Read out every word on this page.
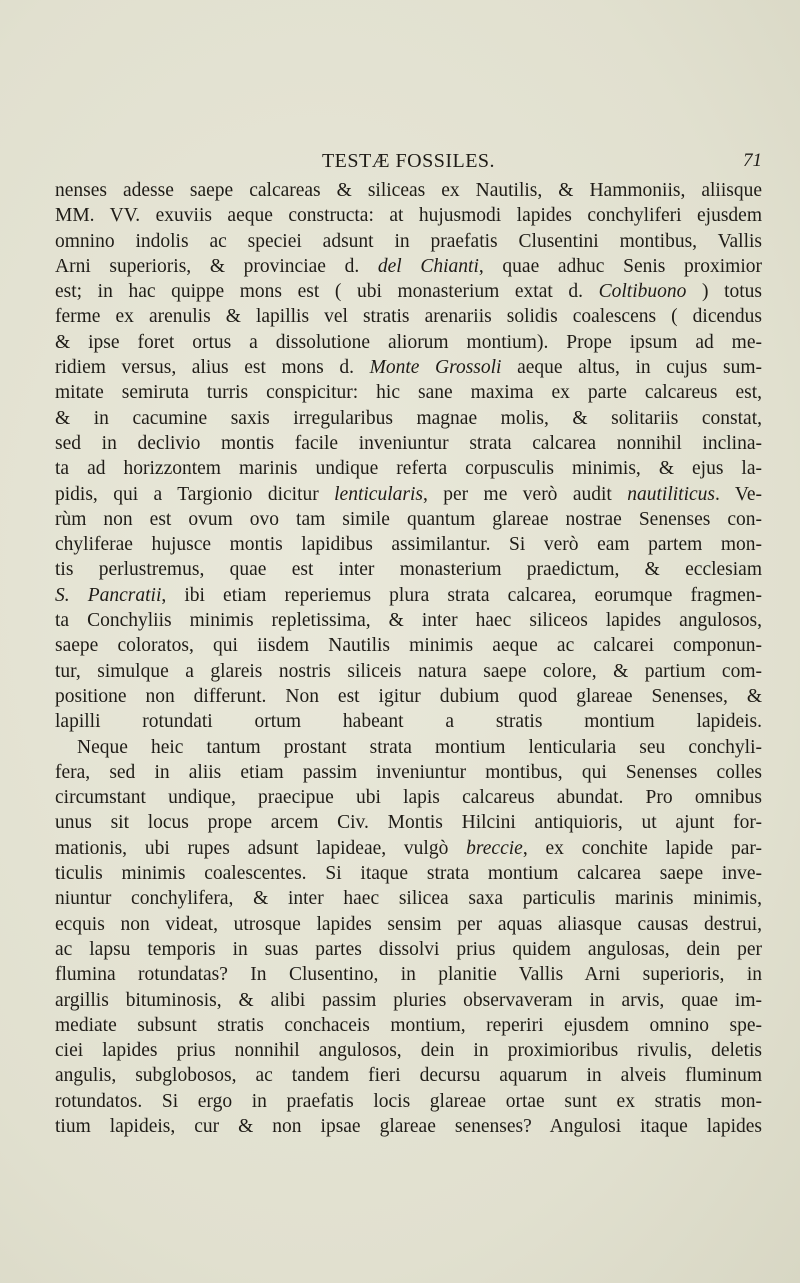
TESTÆ FOSSILES.	71
nenses adesse saepe calcareas & siliceas ex Nautilis, & Hammoniis, aliisque
MM. VV. exuviis aeque constructa: at hujusmodi lapides conchyliferi ejusdem
omnino indolis ac speciei adsunt in praefatis Clusentini montibus, Vallis
Arni superioris, & provinciae d. del Chianti, quae adhuc Senis proximior
est; in hac quippe mons est ( ubi monasterium extat d. Coltibuono ) totus
ferme ex arenulis & lapillis vel stratis arenariis solidis coalescens ( dicendus
& ipse foret ortus a dissolutione aliorum montium). Prope ipsum ad me-
ridiem versus, alius est mons d. Monte Grossoli aeque altus, in cujus sum-
mitate semiruta turris conspicitur: hic sane maxima ex parte calcareus est,
& in cacumine saxis irregularibus magnae molis, & solitariis constat,
sed in declivio montis facile inveniuntur strata calcarea nonnihil inclina-
ta ad horizzontem marinis undique referta corpusculis minimis, & ejus la-
pidis, qui a Targionio dicitur lenticularis, per me verò audit nautiliticus. Ve-
rùm non est ovum ovo tam simile quantum glareae nostrae Senenses con-
chyliferae hujusce montis lapidibus assimilantur. Si verò eam partem mon-
tis perlustremus, quae est inter monasterium praedictum, & ecclesiam
S. Pancratii, ibi etiam reperiemus plura strata calcarea, eorumque fragmen-
ta Conchyliis minimis repletissima, & inter haec siliceos lapides angulosos,
saepe coloratos, qui iisdem Nautilis minimis aeque ac calcarei componun-
tur, simulque a glareis nostris siliceis natura saepe colore, & partium com-
positione non differunt. Non est igitur dubium quod glareae Senenses, &
lapilli rotundati ortum habeant a stratis montium lapideis.
Neque heic tantum prostant strata montium lenticularia seu conchyli-
fera, sed in aliis etiam passim inveniuntur montibus, qui Senenses colles
circumstant undique, praecipue ubi lapis calcareus abundat. Pro omnibus
unus sit locus prope arcem Civ. Montis Hilcini antiquioris, ut ajunt for-
mationis, ubi rupes adsunt lapideae, vulgò breccie, ex conchite lapide par-
ticulis minimis coalescentes. Si itaque strata montium calcarea saepe inve-
niuntur conchylifera, & inter haec silicea saxa particulis marinis minimis,
ecquis non videat, utrosque lapides sensim per aquas aliasque causas destrui,
ac lapsu temporis in suas partes dissolvi prius quidem angulosas, dein per
flumina rotundatas? In Clusentino, in planitie Vallis Arni superioris, in
argillis bituminosis, & alibi passim pluries observaveram in arvis, quae im-
mediate subsunt stratis conchaceis montium, reperiri ejusdem omnino spe-
ciei lapides prius nonnihil angulosos, dein in proximioribus rivulis, deletis
angulis, subglobosos, ac tandem fieri decursu aquarum in alveis fluminum
rotundatos. Si ergo in praefatis locis glareae ortae sunt ex stratis mon-
tium lapideis, cur & non ipsae glareae senenses? Angulosi itaque lapides
